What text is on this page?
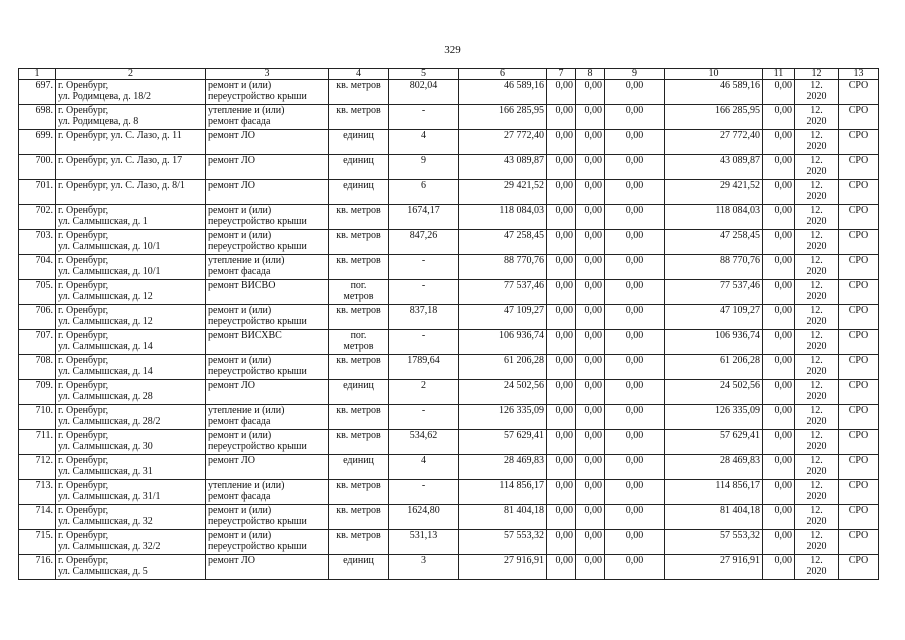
329
1	2	3	4	5	6	7	8	9	10	11	12	13
697.	г. Оренбург,
ул. Родимцева, д. 18/2	ремонт и (или)
переустройство крыши	кв. метров	802,04	46 589,16	0,00	0,00	0,00	46 589,16	0,00	12.
2020	СРО
698.	г. Оренбург,
ул. Родимцева, д. 8	утепление и (или)
ремонт фасада	кв. метров	-	166 285,95	0,00	0,00	0,00	166 285,95	0,00	12.
2020	СРО
699.	г. Оренбург, ул. С. Лазо, д. 11	ремонт ЛО	единиц	4	27 772,40	0,00	0,00	0,00	27 772,40	0,00	12.
2020	СРО
700.	г. Оренбург, ул. С. Лазо, д. 17	ремонт ЛО	единиц	9	43 089,87	0,00	0,00	0,00	43 089,87	0,00	12.
2020	СРО
701.	г. Оренбург, ул. С. Лазо, д. 8/1	ремонт ЛО	единиц	6	29 421,52	0,00	0,00	0,00	29 421,52	0,00	12.
2020	СРО
702.	г. Оренбург,
ул. Салмышская, д. 1	ремонт и (или)
переустройство крыши	кв. метров	1674,17	118 084,03	0,00	0,00	0,00	118 084,03	0,00	12.
2020	СРО
703.	г. Оренбург,
ул. Салмышская, д. 10/1	ремонт и (или)
переустройство крыши	кв. метров	847,26	47 258,45	0,00	0,00	0,00	47 258,45	0,00	12.
2020	СРО
704.	г. Оренбург,
ул. Салмышская, д. 10/1	утепление и (или)
ремонт фасада	кв. метров	-	88 770,76	0,00	0,00	0,00	88 770,76	0,00	12.
2020	СРО
705.	г. Оренбург,
ул. Салмышская, д. 12	ремонт ВИСВО	пог.
метров	-	77 537,46	0,00	0,00	0,00	77 537,46	0,00	12.
2020	СРО
706.	г. Оренбург,
ул. Салмышская, д. 12	ремонт и (или)
переустройство крыши	кв. метров	837,18	47 109,27	0,00	0,00	0,00	47 109,27	0,00	12.
2020	СРО
707.	г. Оренбург,
ул. Салмышская, д. 14	ремонт ВИСХВС	пог.
метров	-	106 936,74	0,00	0,00	0,00	106 936,74	0,00	12.
2020	СРО
708.	г. Оренбург,
ул. Салмышская, д. 14	ремонт и (или)
переустройство крыши	кв. метров	1789,64	61 206,28	0,00	0,00	0,00	61 206,28	0,00	12.
2020	СРО
709.	г. Оренбург,
ул. Салмышская, д. 28	ремонт ЛО	единиц	2	24 502,56	0,00	0,00	0,00	24 502,56	0,00	12.
2020	СРО
710.	г. Оренбург,
ул. Салмышская, д. 28/2	утепление и (или)
ремонт фасада	кв. метров	-	126 335,09	0,00	0,00	0,00	126 335,09	0,00	12.
2020	СРО
711.	г. Оренбург,
ул. Салмышская, д. 30	ремонт и (или)
переустройство крыши	кв. метров	534,62	57 629,41	0,00	0,00	0,00	57 629,41	0,00	12.
2020	СРО
712.	г. Оренбург,
ул. Салмышская, д. 31	ремонт ЛО	единиц	4	28 469,83	0,00	0,00	0,00	28 469,83	0,00	12.
2020	СРО
713.	г. Оренбург,
ул. Салмышская, д. 31/1	утепление и (или)
ремонт фасада	кв. метров	-	114 856,17	0,00	0,00	0,00	114 856,17	0,00	12.
2020	СРО
714.	г. Оренбург,
ул. Салмышская, д. 32	ремонт и (или)
переустройство крыши	кв. метров	1624,80	81 404,18	0,00	0,00	0,00	81 404,18	0,00	12.
2020	СРО
715.	г. Оренбург,
ул. Салмышская, д. 32/2	ремонт и (или)
переустройство крыши	кв. метров	531,13	57 553,32	0,00	0,00	0,00	57 553,32	0,00	12.
2020	СРО
716.	г. Оренбург,
ул. Салмышская, д. 5	ремонт ЛО	единиц	3	27 916,91	0,00	0,00	0,00	27 916,91	0,00	12.
2020	СРО
